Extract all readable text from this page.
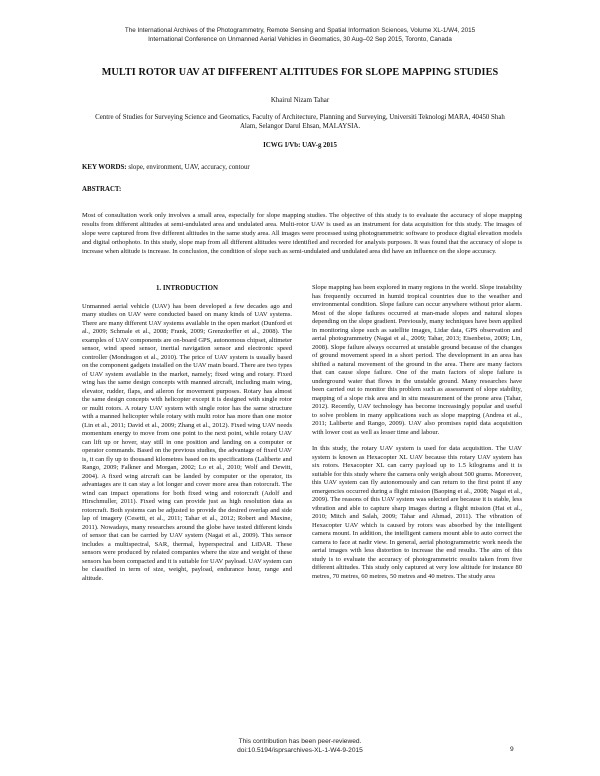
The International Archives of the Photogrammetry, Remote Sensing and Spatial Information Sciences, Volume XL-1/W4, 2015
International Conference on Unmanned Aerial Vehicles in Geomatics, 30 Aug–02 Sep 2015, Toronto, Canada
MULTI ROTOR UAV AT DIFFERENT ALTITUDES FOR SLOPE MAPPING STUDIES
Khairul Nizam Tahar
Centre of Studies for Surveying Science and Geomatics, Faculty of Architecture, Planning and Surveying, Universiti Teknologi MARA, 40450 Shah Alam, Selangor Darul Ehsan, MALAYSIA.
ICWG I/Vb: UAV-g 2015
KEY WORDS: slope, environment, UAV, accuracy, contour
ABSTRACT:
Most of consultation work only involves a small area, especially for slope mapping studies. The objective of this study is to evaluate the accuracy of slope mapping results from different altitudes at semi-undulated area and undulated area. Multi-rotor UAV is used as an instrument for data acquisition for this study. The images of slope were captured from five different altitudes in the same study area. All images were processed using photogrammetric software to produce digital elevation models and digital orthophoto. In this study, slope map from all different altitudes were identified and recorded for analysis purposes. It was found that the accuracy of slope is increase when altitude is increase. In conclusion, the condition of slope such as semi-undulated and undulated area did have an influence on the slope accuracy.
1. INTRODUCTION

Unmanned aerial vehicle (UAV) has been developed a few decades ago and many studies on UAV were conducted based on many kinds of UAV systems. There are many different UAV systems available in the open market (Dunford et al., 2009; Schmale et al., 2008; Frank, 2009; Grenzdorffer et al., 2008). The examples of UAV components are on-board GPS, autonomous chipset, altimeter sensor, wind speed sensor, inertial navigation sensor and electronic speed controller (Mondragon et al., 2010). The price of UAV system is usually based on the component gadgets installed on the UAV main board. There are two types of UAV system available in the market, namely; fixed wing and rotary. Fixed wing has the same design concepts with manned aircraft, including main wing, elevator, rudder, flaps, and aileron for movement purposes. Rotary has almost the same design concepts with helicopter except it is designed with single rotor or multi rotors. A rotary UAV system with single rotor has the same structure with a manned helicopter while rotary with multi rotor has more than one motor (Lin et al., 2011; David et al., 2009; Zhang et al., 2012). Fixed wing UAV needs momentum energy to move from one point to the next point, while rotary UAV can lift up or hover, stay still in one position and landing on a computer or operator commands. Based on the previous studies, the advantage of fixed UAV is, it can fly up to thousand kilometres based on its specifications (Laliberte and Rango, 2009; Falkner and Morgan, 2002; Lo et al., 2010; Wolf and Dewitt, 2004). A fixed wing aircraft can be landed by computer or the operator, its advantages are it can stay a lot longer and cover more area than rotorcraft. The wind can impact operations for both fixed wing and rotorcraft (Adolf and Hirschmuller, 2011). Fixed wing can provide just as high resolution data as rotorcraft. Both systems can be adjusted to provide the desired overlap and side lap of imagery (Cesetti, et al., 2011; Tahar et al., 2012; Robert and Maxine, 2011). Nowadays, many researches around the globe have tested different kinds of sensor that can be carried by UAV system (Nagai et al., 2009). This sensor includes a multispectral, SAR, thermal, hyperspectral and LiDAR. These sensors were produced by related companies where the size and weight of these sensors has been compacted and it is suitable for UAV payload. UAV system can be classified in term of size, weight, payload, endurance hour, range and altitude.

Slope mapping has been explored in many regions in the world. Slope instability has frequently occurred in humid tropical countries due to the weather and environmental condition. Slope failure can occur anywhere without prior alarm. Most of the slope failures occurred at man-made slopes and natural slopes depending on the slope gradient. Previously, many techniques have been applied in monitoring slope such as satellite images, Lidar data, GPS observation and aerial photogrammetry (Nagai et al., 2009; Tahar, 2013; Eisenbeiss, 2009; Lin, 2008). Slope failure always occurred at unstable ground because of the changes of ground movement speed in a short period. The development in an area has shifted a natural movement of the ground in the area. There are many factors that can cause slope failure. One of the main factors of slope failure is underground water that flows in the unstable ground. Many researches have been carried out to monitor this problem such as assessment of slope stability, mapping of a slope risk area and in situ measurement of the prone area (Tahar, 2012). Recently, UAV technology has become increasingly popular and useful to solve problem in many applications such as slope mapping (Andrea et al., 2011; Laliberte and Rango, 2009). UAV also promises rapid data acquisition with lower cost as well as lesser time and labour.

In this study, the rotary UAV system is used for data acquisition. The UAV system is known as Hexacopter XL UAV because this rotary UAV system has six rotors. Hexacopter XL can carry payload up to 1.5 kilograms and it is suitable for this study where the camera only weigh about 500 grams. Moreover, this UAV system can fly autonomously and can return to the first point if any emergencies occurred during a flight mission (Baoping et al., 2008; Nagai et al., 2009). The reasons of this UAV system was selected are because it is stable, less vibration and able to capture sharp images during a flight mission (Hai et al., 2010; Mitch and Salah, 2009; Tahar and Ahmad, 2011). The vibration of Hexacopter UAV which is caused by rotors was absorbed by the intelligent camera mount. In addition, the intelligent camera mount able to auto correct the camera to face at nadir view. In general, aerial photogrammetric work needs the aerial images with less distortion to increase the end results. The aim of this study is to evaluate the accuracy of photogrammetric results taken from five different altitudes. This study only captured at very low altitude for instance 80 metres, 70 metres, 60 metres, 50 metres and 40 metres. The study area

This contribution has been peer-reviewed.
doi:10.5194/isprsarchives-XL-1-W4-9-2015	9
